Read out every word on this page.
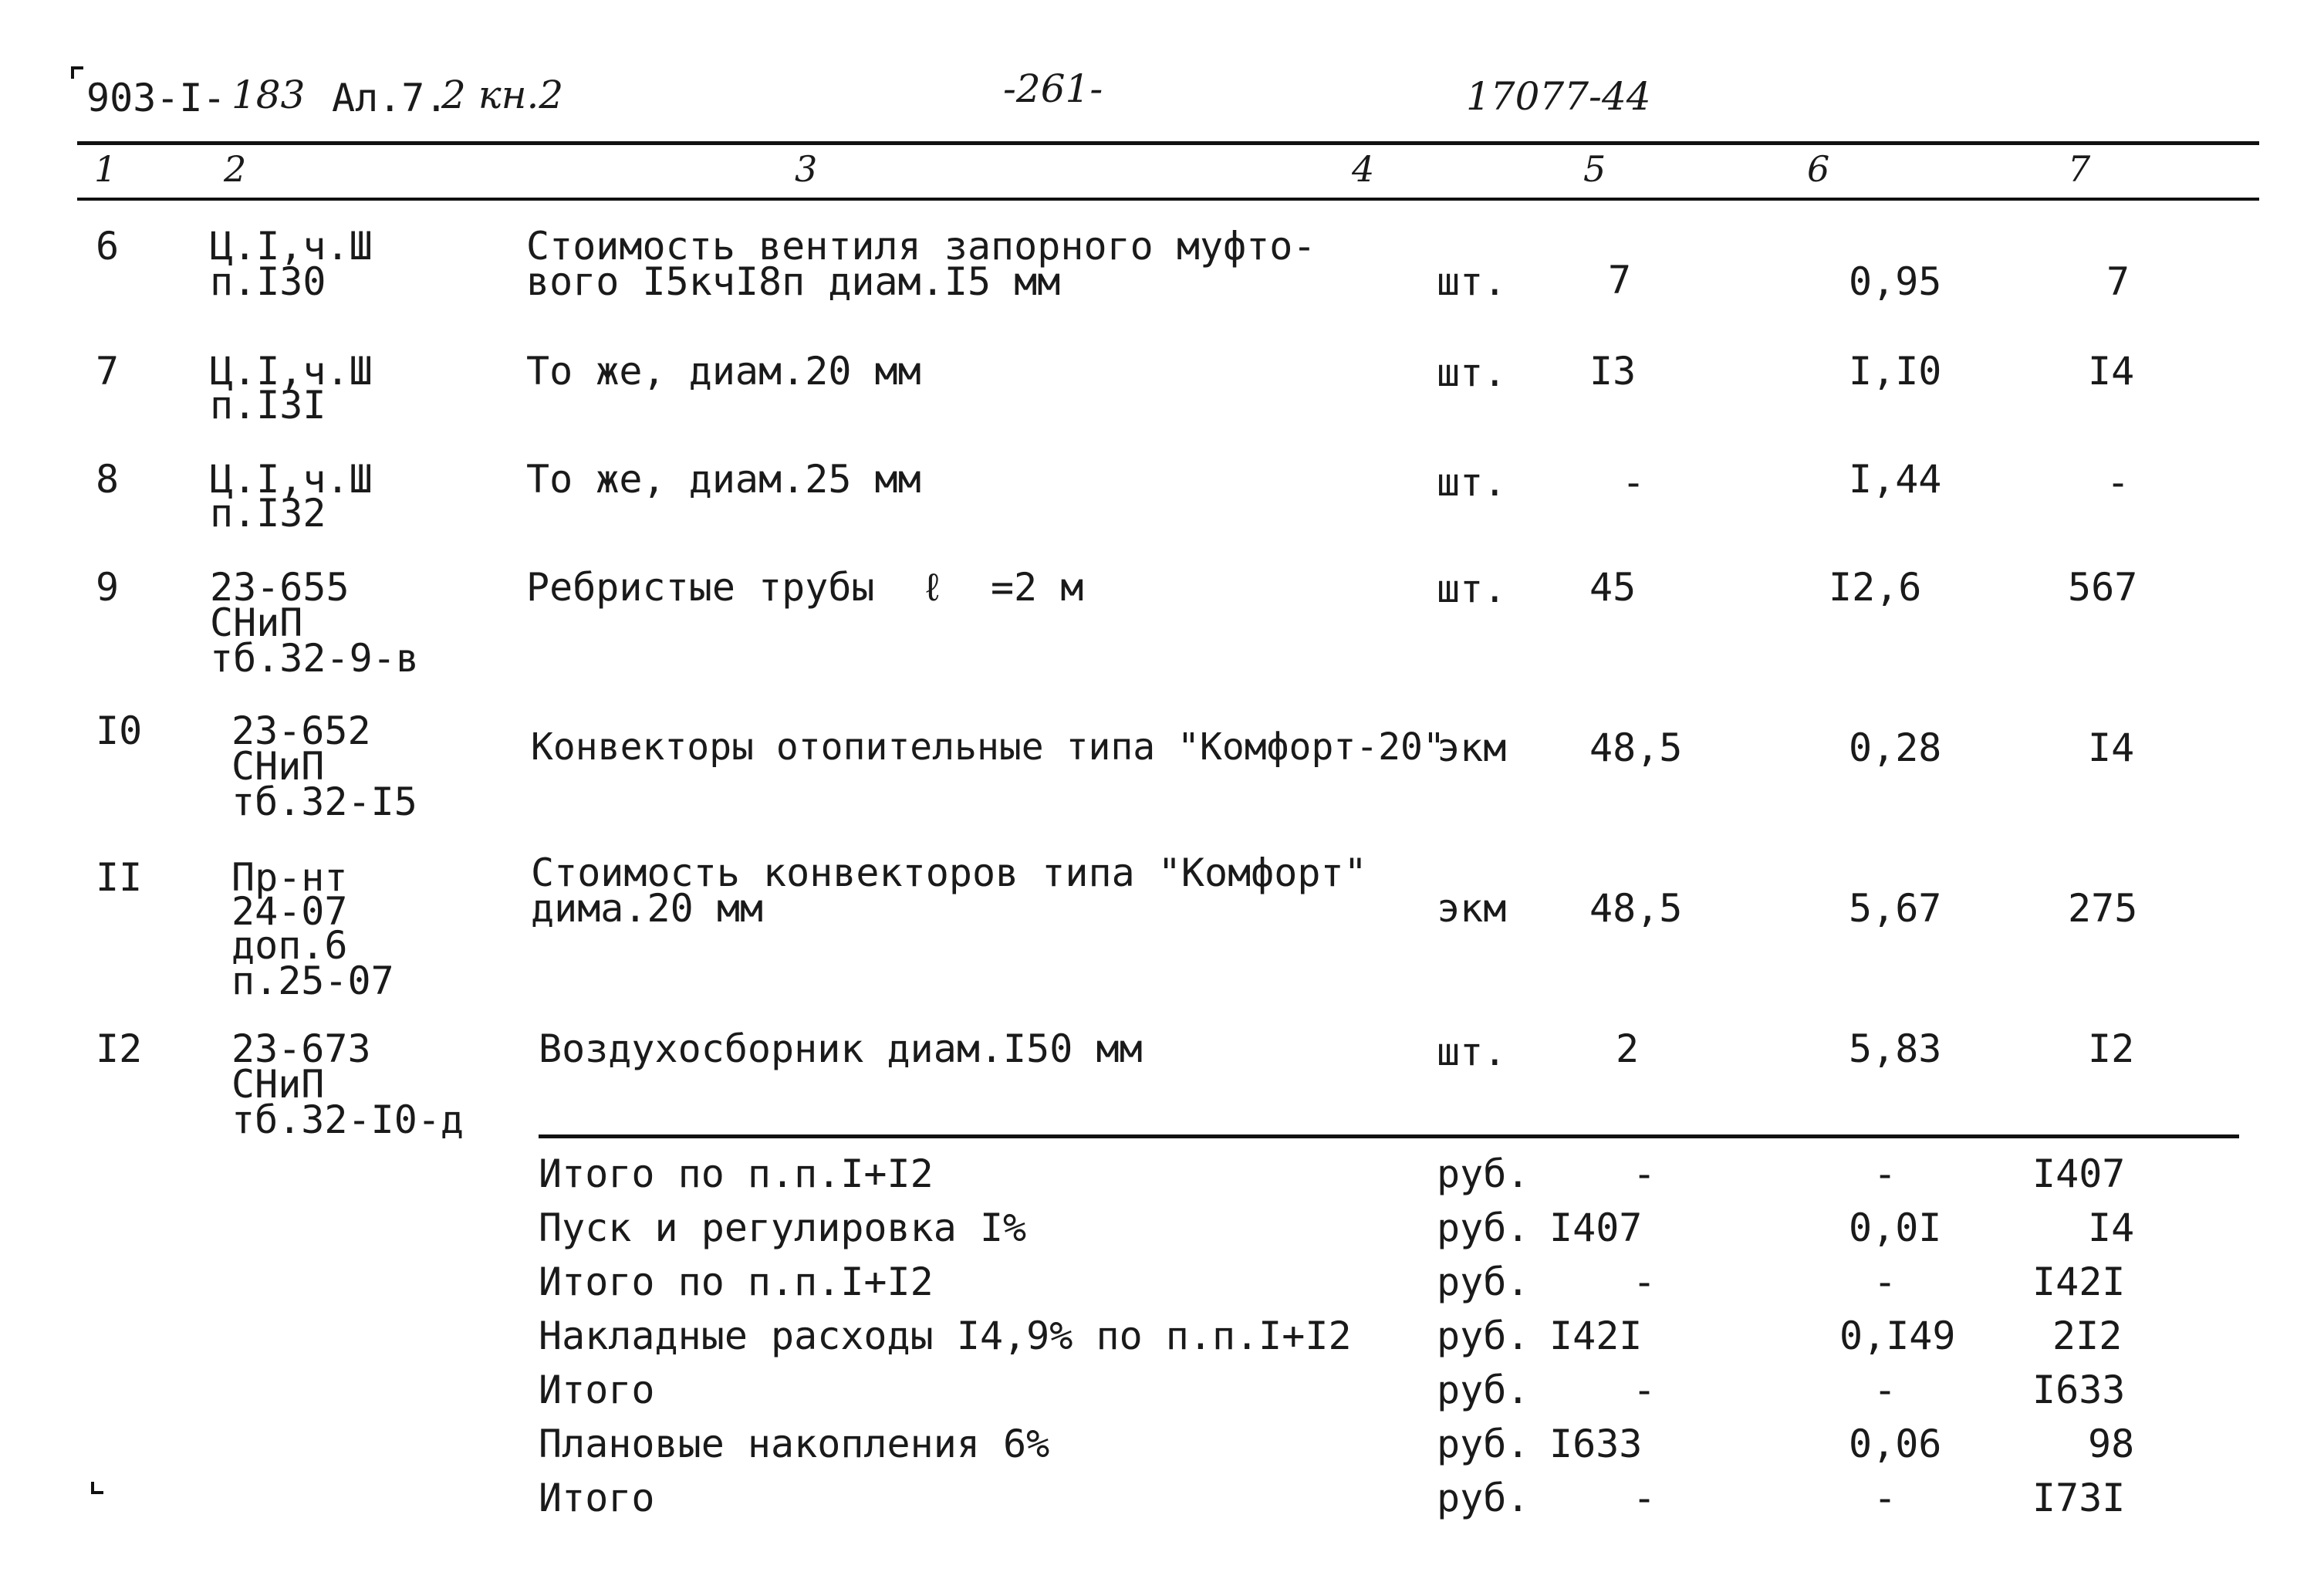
903-I- 183 Ал.7.
2 кн.2	-261-	17077-44
1	2	3	4	5	6	7
6 Ц.I,ч.Ш
п.I30
Стоимость вентиля запорного муфто-
вого I5кчI8п диам.I5 мм	шт.	7	0,95	7
7 Ц.I,ч.Ш
п.I3I
То же, диам.20 мм	шт. I3	I,I0	I4
8 Ц.I,ч.Ш
п.I32
То же, диам.25 мм	шт.	-	I,44	-
9 23-655
СНиП
тб.32-9-в
Ребристые трубы  ℓ  =2 м	шт. 45	I2,6	567
I0 23-652
СНиП
тб.32-I5
Конвекторы отопительные типа "Комфорт-20"
экм 48,5	0,28	I4
II Пр-нт
24-07
доп.6
п.25-07
Стоимость конвекторов типа "Комфорт"
дима.20 мм	экм 48,5	5,67	275
I2 23-673
СНиП
тб.32-I0-д
Воздухосборник диам.I50 мм	шт.	2	5,83	I2
Итого по п.п.I+I2	руб.	-	-	I407
Пуск и регулировка I%	руб. I407	0,0I	I4
Итого по п.п.I+I2	руб.	-	-	I42I
Накладные расходы I4,9% по п.п.I+I2 руб. I42I	0,I49	2I2
Итого	руб.	-	-	I633
Плановые накопления 6%	руб. I633	0,06	98
Итого	руб.	-	-	I73I
